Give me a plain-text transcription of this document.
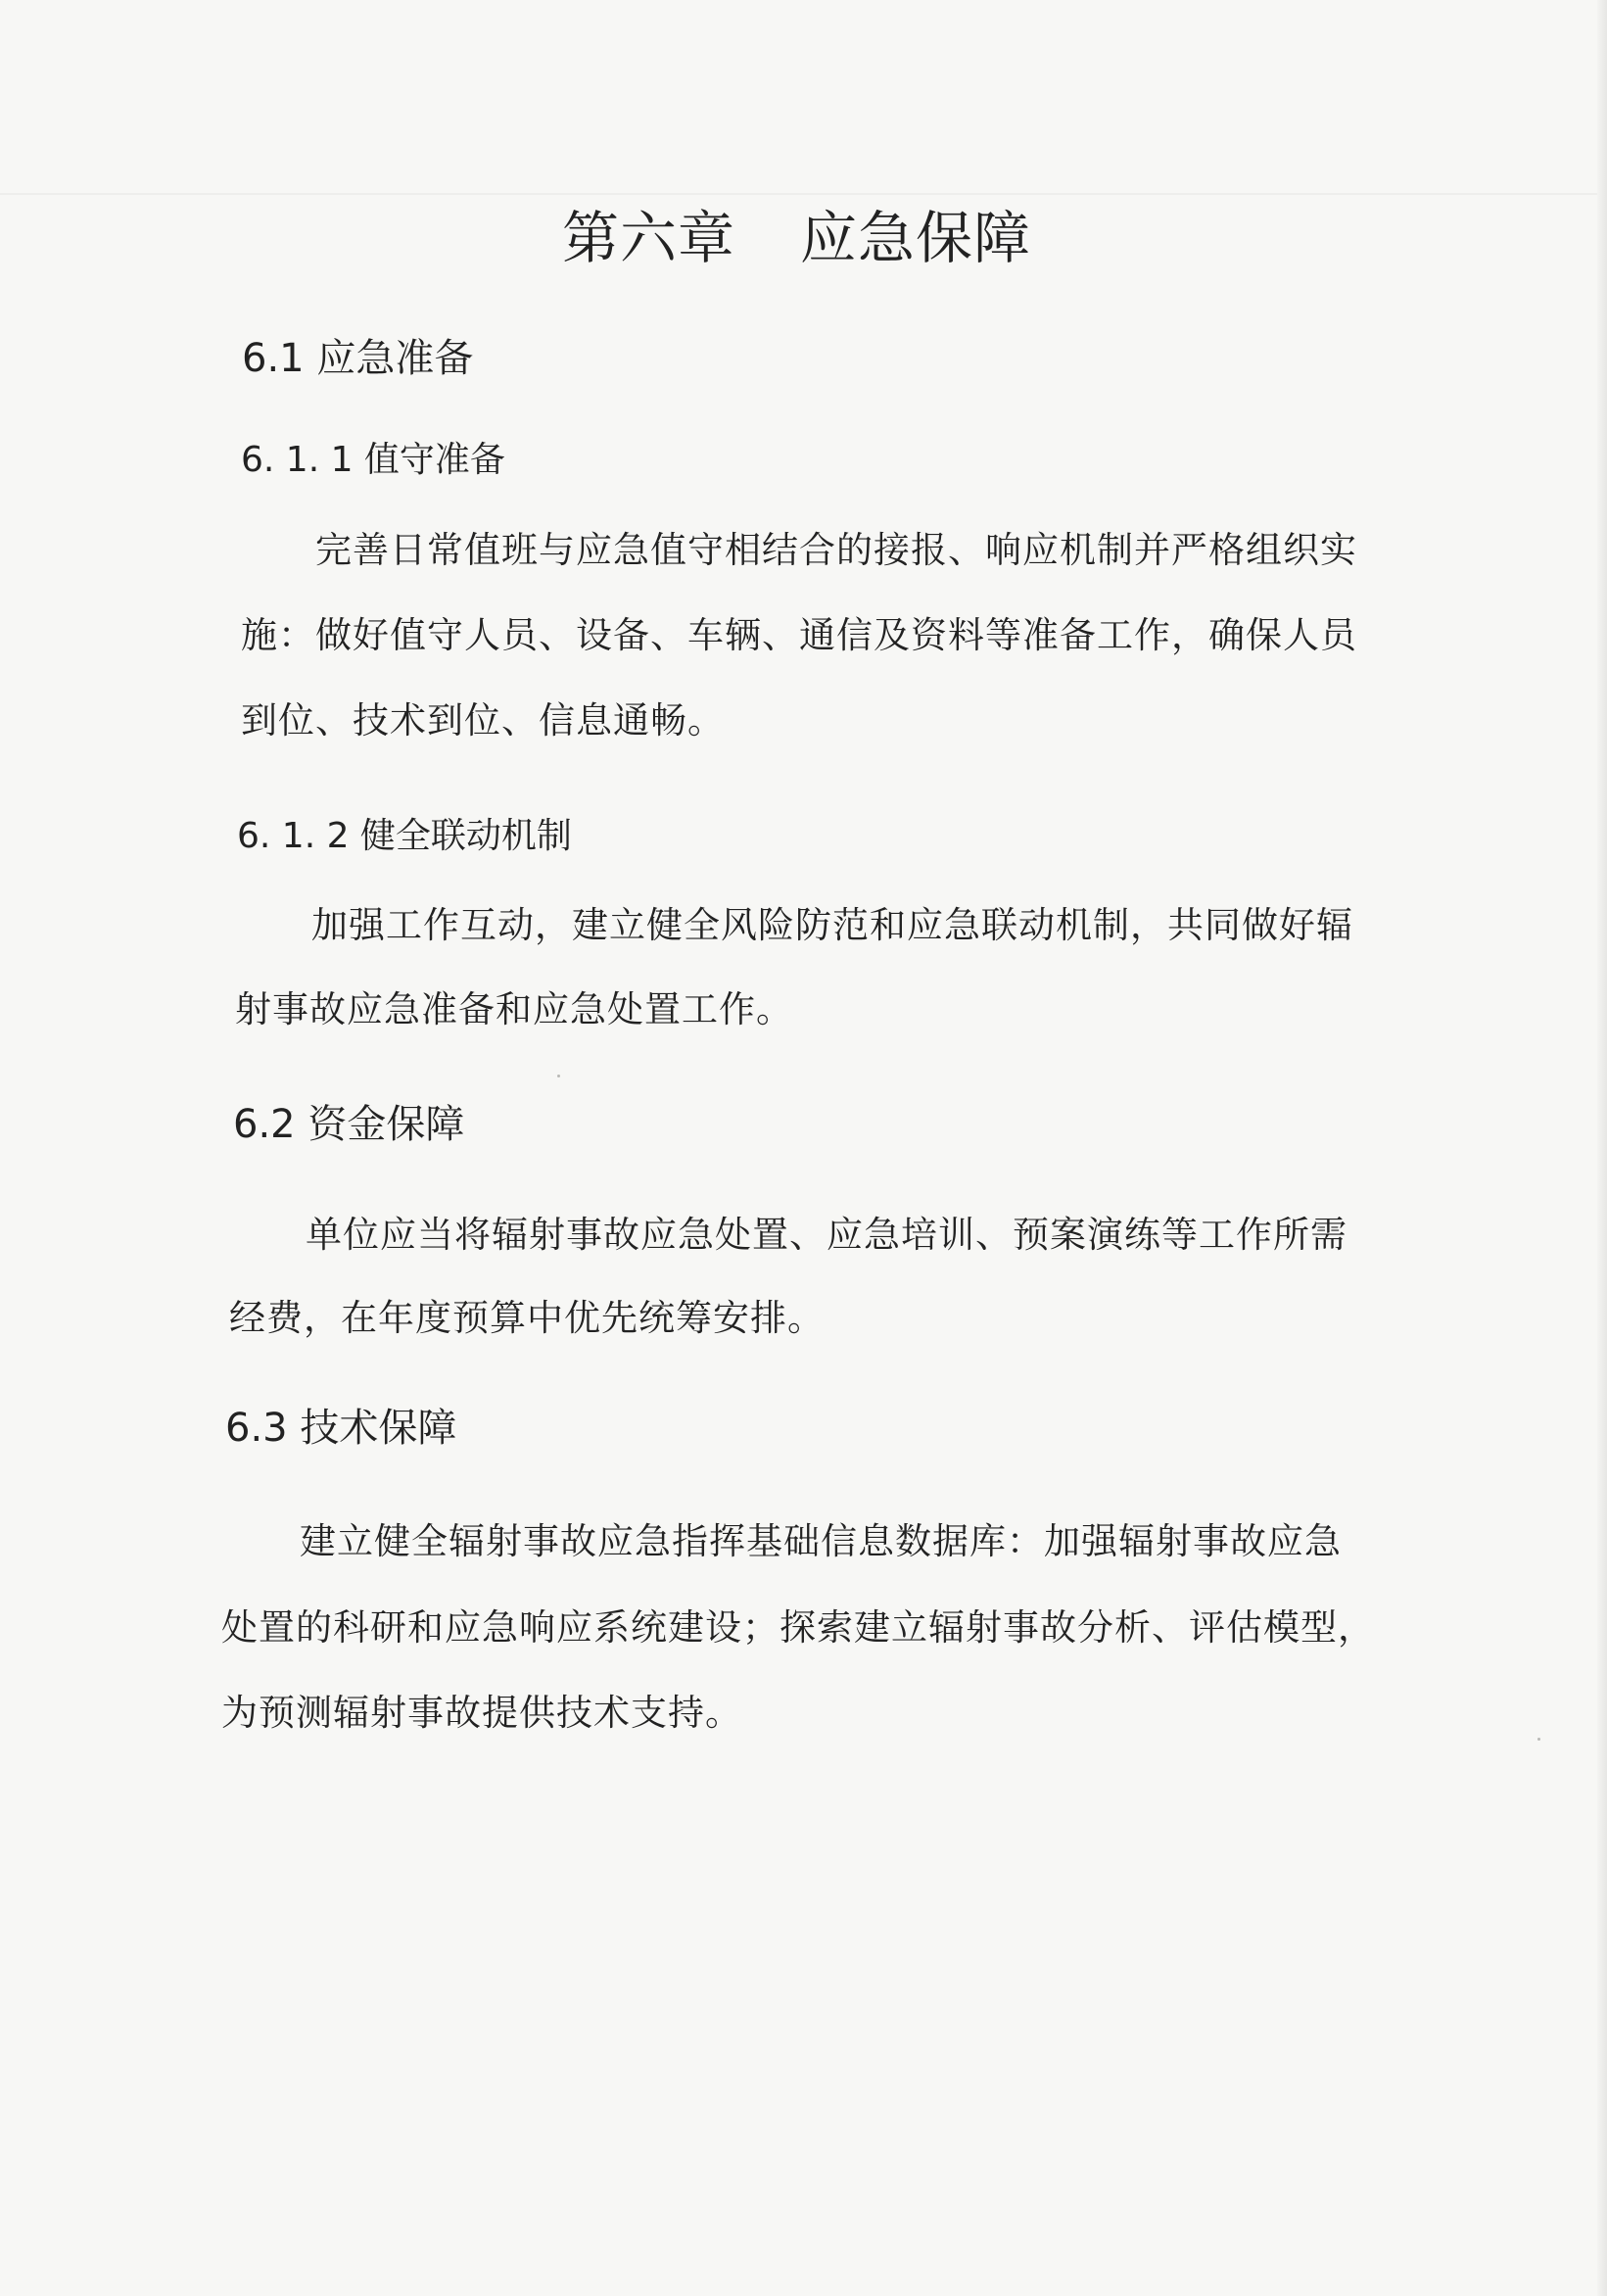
第六章 应急保障
6.1 应急准备
6. 1. 1 值守准备

完善日常值班与应急值守相结合的接报、响应机制并严格组织实

施：做好值守人员、设备、车辆、通信及资料等准备工作，确保人员

到位、技术到位、信息通畅。

6. 1. 2 健全联动机制

加强工作互动，建立健全风险防范和应急联动机制，共同做好辐

射事故应急准备和应急处置工作。

6.2 资金保障

单位应当将辐射事故应急处置、应急培训、预案演练等工作所需

经费，在年度预算中优先统筹安排。

6.3 技术保障

建立健全辐射事故应急指挥基础信息数据库：加强辐射事故应急

处置的科研和应急响应系统建设；探索建立辐射事故分析、评估模型，

为预测辐射事故提供技术支持。
